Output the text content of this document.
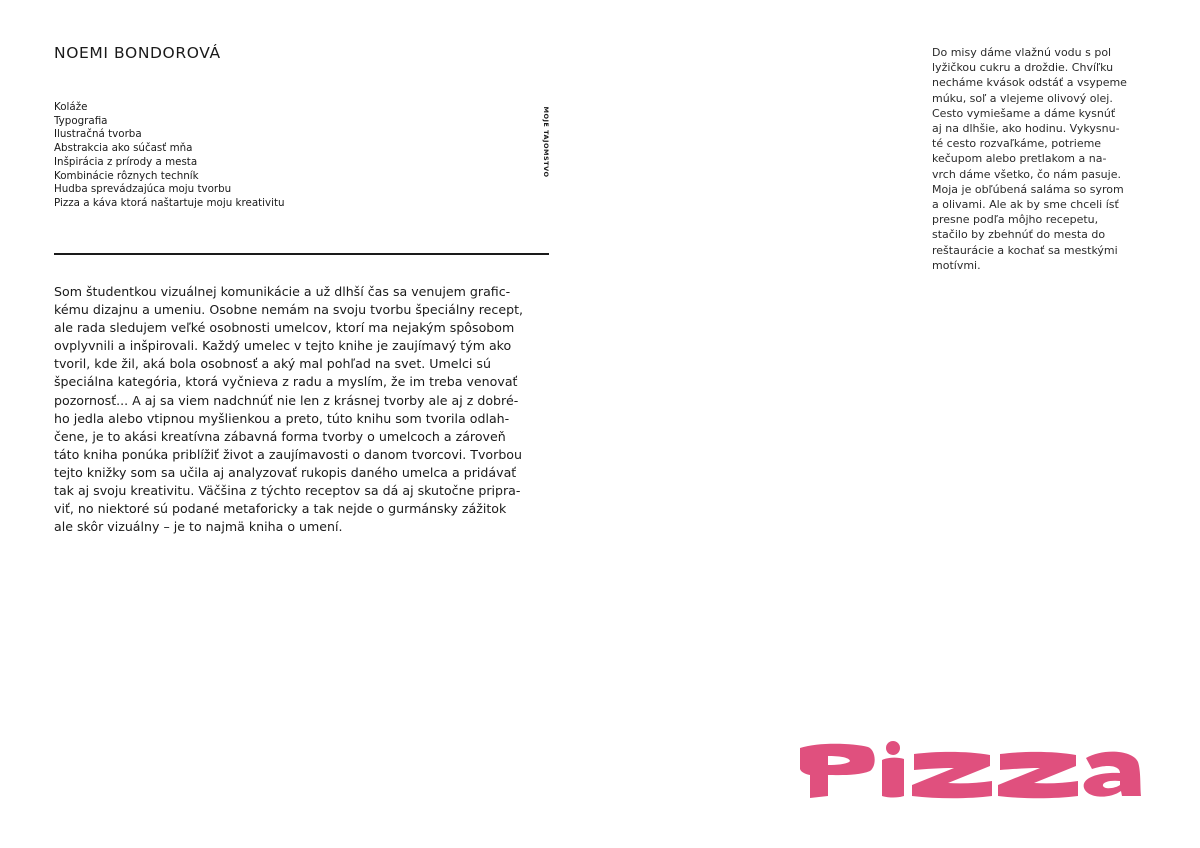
NOEMI BONDOROVÁ
Koláže
Typografia
Ilustračná tvorba
Abstrakcia ako súčasť mňa
Inšpirácia z prírody a mesta
Kombinácie rôznych techník
Hudba sprevádzajúca moju tvorbu
Pizza a káva ktorá naštartuje moju kreativitu
MOJE TAJOMSTVO

Som študentkou vizuálnej komunikácie a už dlhší čas sa venujem grafic-
kému dizajnu a umeniu. Osobne nemám na svoju tvorbu špeciálny recept,
ale rada sledujem veľké osobnosti umelcov, ktorí ma nejakým spôsobom
ovplyvnili a inšpirovali. Každý umelec v tejto knihe je zaujímavý tým ako
tvoril, kde žil, aká bola osobnosť a aký mal pohľad na svet. Umelci sú
špeciálna kategória, ktorá vyčnieva z radu a myslím, že im treba venovať
pozornosť... A aj sa viem nadchnúť nie len z krásnej tvorby ale aj z dobré-
ho jedla alebo vtipnou myšlienkou a preto, túto knihu som tvorila odlah-
čene, je to akási kreatívna zábavná forma tvorby o umelcoch a zároveň
táto kniha ponúka priblížiť život a zaujímavosti o danom tvorcovi. Tvorbou
tejto knižky som sa učila aj analyzovať rukopis daného umelca a pridávať
tak aj svoju kreativitu. Väčšina z týchto receptov sa dá aj skutočne pripra-
viť, no niektoré sú podané metaforicky a tak nejde o gurmánsky zážitok
ale skôr vizuálny – je to najmä kniha o umení.

Do misy dáme vlažnú vodu s pol
lyžičkou cukru a droždie. Chvíľku
necháme kvások odstáť a vsypeme
múku, soľ a vlejeme olivový olej.
Cesto vymiešame a dáme kysnúť
aj na dlhšie, ako hodinu. Vykysnu-
té cesto rozvaľkáme, potrieme
kečupom alebo pretlakom a na-
vrch dáme všetko, čo nám pasuje.
Moja je obľúbená saláma so syrom
a olivami. Ale ak by sme chceli ísť
presne podľa môjho recepetu,
stačilo by zbehnúť do mesta do
reštaurácie a kochať sa mestkými
motívmi.
